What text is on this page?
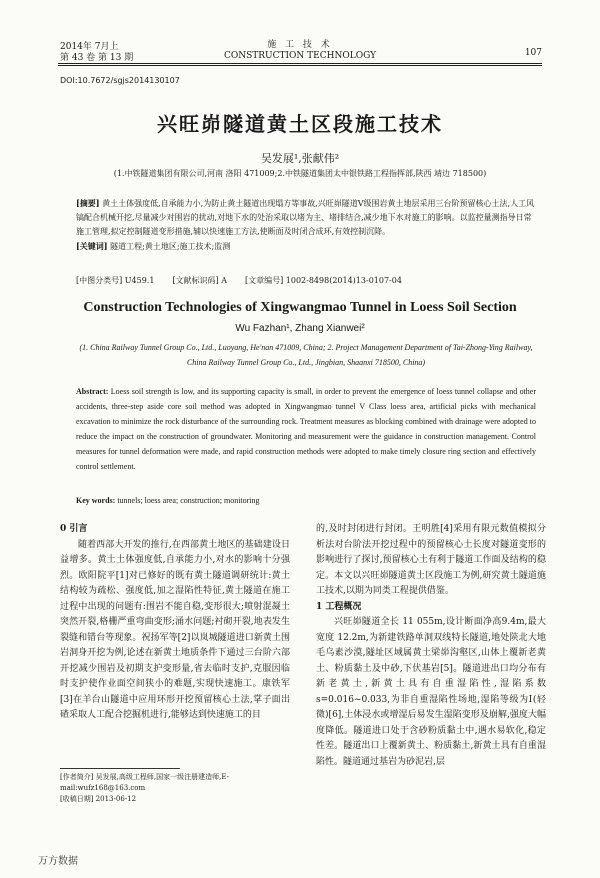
2014年 7月上
第 43 卷 第 13 期
施 工 技 术
CONSTRUCTION TECHNOLOGY	107
DOI:10.7672/sgjs2014130107
兴旺峁隧道黄土区段施工技术
吴发展¹,张献伟²
(1.中铁隧道集团有限公司,河南 洛阳 471009;2.中铁隧道集团太中银铁路工程指挥部,陕西 靖边 718500)
[摘要] 黄土土体强度低,自承能力小,为防止黄土隧道出现塌方等事故,兴旺峁隧道Ⅴ级围岩黄土地层采用三台阶预留核心土法,人工风镐配合机械开挖,尽量减少对围岩的扰动,对地下水的处治采取以堵为主、堵排结合,减少地下水对施工的影响。以监控量测指导日常施工管理,拟定控制隧道变形措施,辅以快速施工方法,使断面及时闭合成环,有效控制沉降。
[关键词] 隧道工程;黄土地区;施工技术;监测
[中图分类号] U459.1 [文献标识码] A [文章编号] 1002-8498(2014)13-0107-04
Construction Technologies of Xingwangmao Tunnel in Loess Soil Section
Wu Fazhan¹, Zhang Xianwei²
(1. China Railway Tunnel Group Co., Ltd., Luoyang, He'nan 471009, China; 2. Project Management Department of Tai-Zhong-Ying Railway, China Railway Tunnel Group Co., Ltd., Jingbian, Shaanxi 718500, China)
Abstract: Loess soil strength is low, and its supporting capacity is small, in order to prevent the emergence of loess tunnel collapse and other accidents, three-step aside core soil method was adopted in Xingwangmao tunnel V Class loess area, artificial picks with mechanical excavation to minimize the rock disturbance of the surrounding rock. Treatment measures as blocking combined with drainage were adopted to reduce the impact on the construction of groundwater. Monitoring and measurement were the guidance in construction management. Control measures for tunnel deformation were made, and rapid construction methods were adopted to make timely closure ring section and effectively control settlement.
Key words: tunnels; loess area; construction; monitoring
0 引言
随着西部大开发的推行,在西部黄土地区的基础建设日益增多。黄土土体强度低,自承能力小,对水的影响十分强烈。欧阳院平[1]对已修好的既有黄土隧道调研统计:黄土结构较为疏松、强度低,加之湿陷性特征,黄土隧道在施工过程中出现的问题有:围岩不能自稳,变形很大;喷射混凝土突然开裂,格栅严重弯曲变形;涌水问题;衬砌开裂,地表发生裂缝和错台等现象。祝扬军等[2]以岚城隧道进口新黄土围岩洞身开挖为例,论述在新黄土地质条件下通过三台阶六部开挖减少围岩及初期支护变形量,省去临时支护,克服因临时支护使作业面空间狭小的难题,实现快速施工。康铁军[3]在羊台山隧道中应用环形开挖预留核心土法,掌子面出碴采取人工配合挖掘机进行,能够达到快速施工的目
的,及时封闭进行封闭。王明胜[4]采用有限元数值模拟分析法对台阶法开挖过程中的预留核心土长度对隧道变形的影响进行了探讨,预留核心土有利于隧道工作面及结构的稳定。本文以兴旺峁隧道黄土区段施工为例,研究黄土隧道施工技术,以期为同类工程提供借鉴。
1 工程概况
兴旺峁隧道全长 11 055m,设计断面净高9.4m,最大宽度 12.2m,为新建铁路单洞双线特长隧道,地处陕北大地毛乌素沙漠,隧址区域属黄土梁峁沟壑区,山体上覆新老黄土、粉质黏土及中砂,下伏基岩[5]。隧道进出口均分布有新老黄土,新黄土具有自重湿陷性,湿陷系数 s=0.016~0.033,为非自重湿陷性场地,湿陷等级为Ⅰ(轻微)[6],土体浸水或增湿后易发生湿陷变形及崩解,强度大幅度降低。隧道进口处于含砂粉质黏土中,遇水易软化,稳定性差。隧道出口上覆新黄土、粉质黏土,新黄土具有自重湿陷性。隧道通过基岩为砂泥岩,层
[作者简介] 吴发展,高级工程师,国家一级注册建造师,E-mail:wufz168@163.com
[收稿日期] 2013-06-12
万方数据
